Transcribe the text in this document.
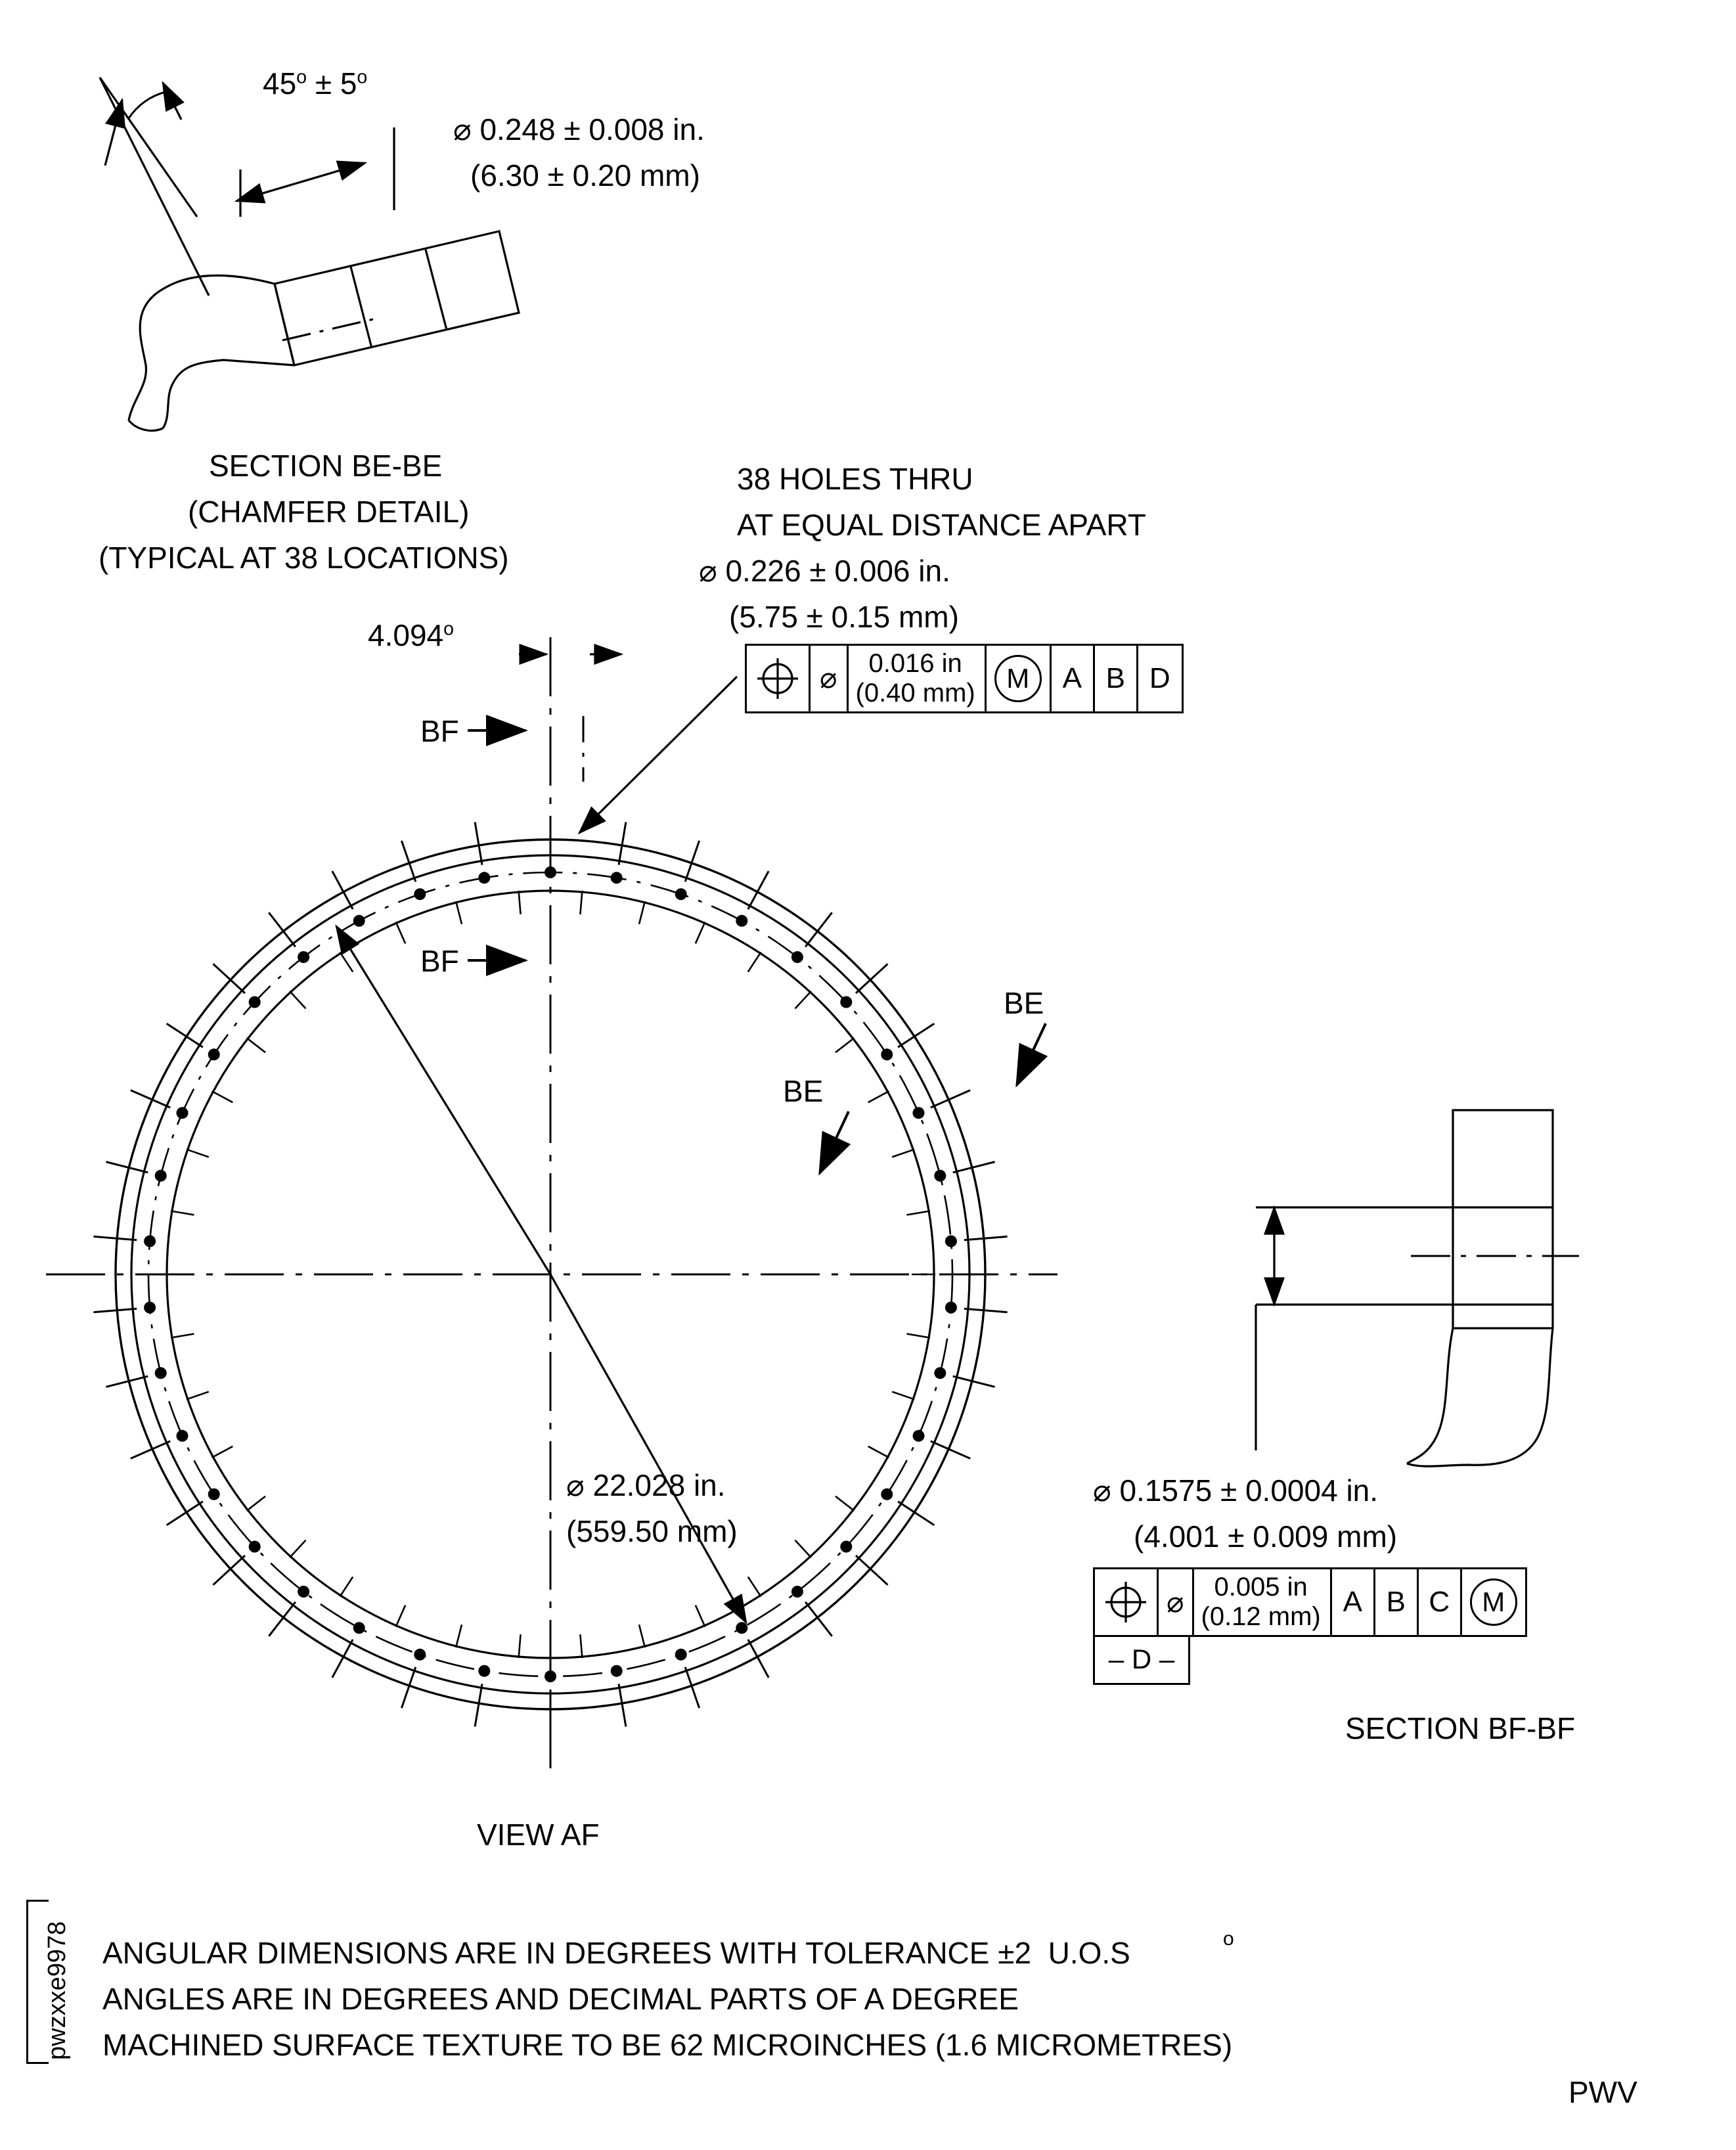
$45^o \pm 5^o$
⌀ 0.248 ± 0.008 in.
(6.30 ± 0.20 mm)
SECTION BE-BE
(CHAMFER DETAIL)
(TYPICAL AT 38 LOCATIONS)
38 HOLES THRU
AT EQUAL DISTANCE APART
⌀ 0.226 ± 0.006 in.
(5.75 ± 0.15 mm)
⌀ 0.016 in
(0.40 mm)	M	A B D
4.094$^o$
BF
BF
BE
BE
⌀ 22.028 in.
(559.50 mm)
VIEW AF
⌀ 0.1575 ± 0.0004 in.
(4.001 ± 0.009 mm)
⌀ 0.005 in
(0.12 mm) A B C	M
– D –
SECTION BF-BF
ANGULAR DIMENSIONS ARE IN DEGREES WITH TOLERANCE ±2  U.O.S	$^o$
ANGLES ARE IN DEGREES AND DECIMAL PARTS OF A DEGREE
MACHINED SURFACE TEXTURE TO BE 62 MICROINCHES (1.6 MICROMETRES)
pwzxxe9978
PWV
